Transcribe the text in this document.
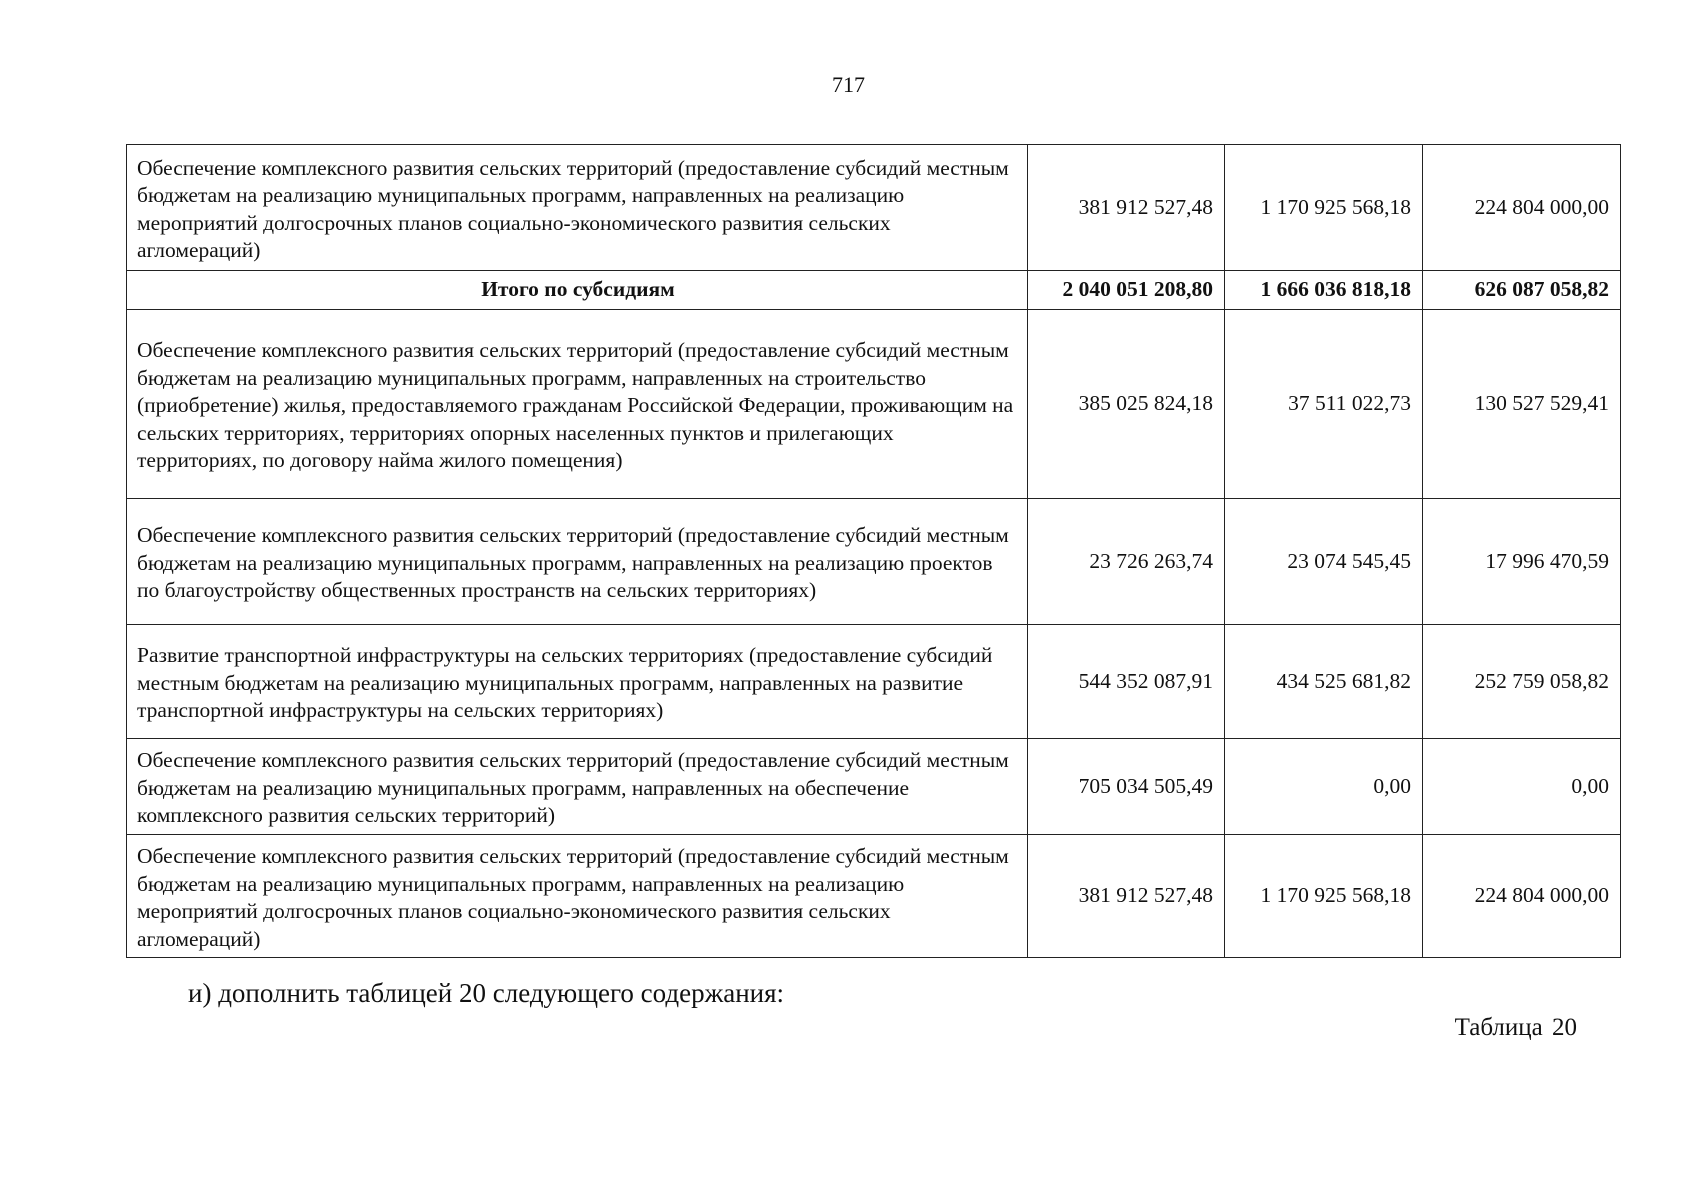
717
Обеспечение комплексного развития сельских территорий (предоставление субсидий местным бюджетам на реализацию муниципальных программ, направленных на реализацию мероприятий долгосрочных планов социально-экономического развития сельских агломераций)	381 912 527,48	1 170 925 568,18	224 804 000,00
Итого по субсидиям	2 040 051 208,80	1 666 036 818,18	626 087 058,82
Обеспечение комплексного развития сельских территорий (предоставление субсидий местным бюджетам на реализацию муниципальных программ, направленных на строительство (приобретение) жилья, предоставляемого гражданам Российской Федерации, проживающим на сельских территориях, территориях опорных населенных пунктов и прилегающих территориях, по договору найма жилого помещения)	385 025 824,18	37 511 022,73	130 527 529,41
Обеспечение комплексного развития сельских территорий (предоставление субсидий местным бюджетам на реализацию муниципальных программ, направленных на реализацию проектов по благоустройству общественных пространств на сельских территориях)	23 726 263,74	23 074 545,45	17 996 470,59
Развитие транспортной инфраструктуры на сельских территориях (предоставление субсидий местным бюджетам на реализацию муниципальных программ, направленных на развитие транспортной инфраструктуры на сельских территориях)	544 352 087,91	434 525 681,82	252 759 058,82
Обеспечение комплексного развития сельских территорий (предоставление субсидий местным бюджетам на реализацию муниципальных программ, направленных на обеспечение комплексного развития сельских территорий)	705 034 505,49	0,00	0,00
Обеспечение комплексного развития сельских территорий (предоставление субсидий местным бюджетам на реализацию муниципальных программ, направленных на реализацию мероприятий долгосрочных планов социально-экономического развития сельских агломераций)	381 912 527,48	1 170 925 568,18	224 804 000,00
и) дополнить таблицей 20 следующего содержания:
Таблица 20
